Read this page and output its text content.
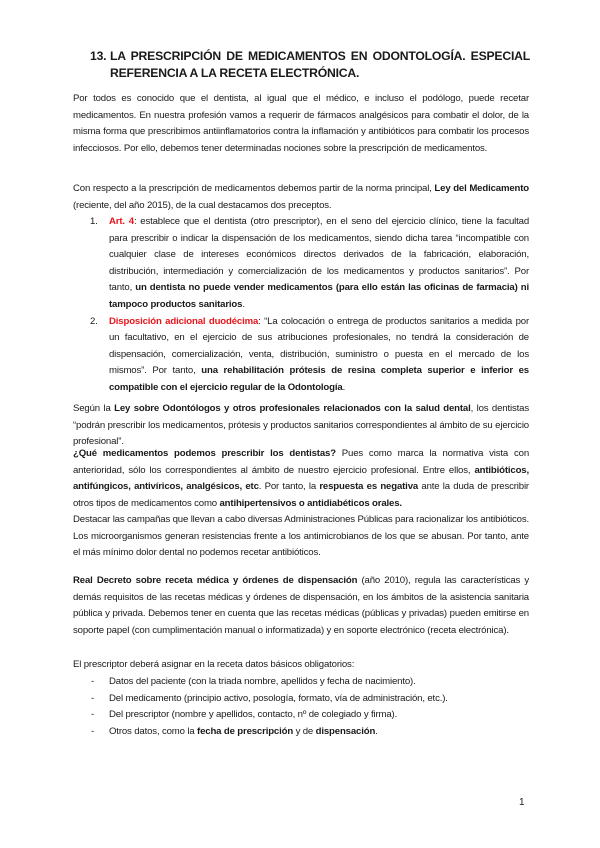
13. LA PRESCRIPCIÓN DE MEDICAMENTOS EN ODONTOLOGÍA. ESPECIAL REFERENCIA A LA RECETA ELECTRÓNICA.

Por todos es conocido que el dentista, al igual que el médico, e incluso el podólogo, puede recetar medicamentos. En nuestra profesión vamos a requerir de fármacos analgésicos para combatir el dolor, de la misma forma que prescribimos antiinflamatorios contra la inflamación y antibióticos para combatir los procesos infecciosos. Por ello, debemos tener determinadas nociones sobre la prescripción de medicamentos.

Con respecto a la prescripción de medicamentos debemos partir de la norma principal, Ley del Medicamento (reciente, del año 2015), de la cual destacamos dos preceptos.

1. Art. 4: establece que el dentista (otro prescriptor), en el seno del ejercicio clínico, tiene la facultad para prescribir o indicar la dispensación de los medicamentos, siendo dicha tarea “incompatible con cualquier clase de intereses económicos directos derivados de la fabricación, elaboración, distribución, intermediación y comercialización de los medicamentos y productos sanitarios”. Por tanto, un dentista no puede vender medicamentos (para ello están las oficinas de farmacia) ni tampoco productos sanitarios.
2. Disposición adicional duodécima: “La colocación o entrega de productos sanitarios a medida por un facultativo, en el ejercicio de sus atribuciones profesionales, no tendrá la consideración de dispensación, comercialización, venta, distribución, suministro o puesta en el mercado de los mismos”. Por tanto, una rehabilitación prótesis de resina completa superior e inferior es compatible con el ejercicio regular de la Odontología.

Según la Ley sobre Odontólogos y otros profesionales relacionados con la salud dental, los dentistas “podrán prescribir los medicamentos, prótesis y productos sanitarios correspondientes al ámbito de su ejercicio profesional”.

¿Qué medicamentos podemos prescribir los dentistas? Pues como marca la normativa vista con anterioridad, sólo los correspondientes al ámbito de nuestro ejercicio profesional. Entre ellos, antibióticos, antifúngicos, antivíricos, analgésicos, etc. Por tanto, la respuesta es negativa ante la duda de prescribir otros tipos de medicamentos como antihipertensivos o antidiabéticos orales.

Destacar las campañas que llevan a cabo diversas Administraciones Públicas para racionalizar los antibióticos. Los microorganismos generan resistencias frente a los antimicrobianos de los que se abusan. Por tanto, ante el más mínimo dolor dental no podemos recetar antibióticos.

Real Decreto sobre receta médica y órdenes de dispensación (año 2010), regula las características y demás requisitos de las recetas médicas y órdenes de dispensación, en los ámbitos de la asistencia sanitaria pública y privada. Debemos tener en cuenta que las recetas médicas (públicas y privadas) pueden emitirse en soporte papel (con cumplimentación manual o informatizada) y en soporte electrónico (receta electrónica).

El prescriptor deberá asignar en la receta datos básicos obligatorios:

- Datos del paciente (con la triada nombre, apellidos y fecha de nacimiento).
- Del medicamento (principio activo, posología, formato, vía de administración, etc.).
- Del prescriptor (nombre y apellidos, contacto, nº de colegiado y firma).
- Otros datos, como la fecha de prescripción y de dispensación.
1
